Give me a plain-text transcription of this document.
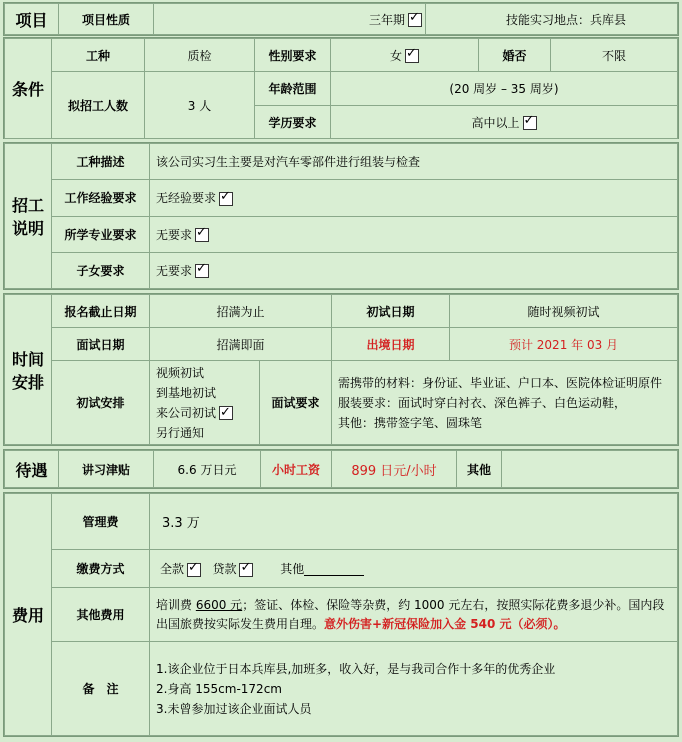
项目	项目性质	三年期✓	技能实习地点：兵库县
条件	工种	质检	性别要求	女✓	婚否	不限
	拟招工人数	3 人	年龄范围	(20 周岁 – 35 周岁)		
			学历要求	高中以上✓
招工说明	工种描述	该公司实习生主要是对汽车零部件进行组装与检查
	工作经验要求	无经验要求✓
	所学专业要求	无要求✓
	子女要求	无要求✓
时间安排	报名截止日期	招满为止		初试日期	随时视频初试
	面试日期	招满即面		出境日期	预计 2021 年 03 月
	初试安排	视频初试
到基地初试
来公司初试✓
另行通知	面试要求	需携带的材料：身份证、毕业证、户口本、医院体检证明原件
服装要求：面试时穿白衬衣、深色裤子、白色运动鞋，
其他：携带签字笔、圆珠笔	
待遇	讲习津贴	6.6 万日元	小时工资	899 日元/小时	其他	
费用	管理费	3.3 万
	缴费方式	全款 ✓ 贷款 ✓ 其他
	其他费用	培训费 6600 元；签证、体检、保险等杂费，约 1000 元左右，按照实际花费多退少补。国内段出国旅费按实际发生费用自理。意外伤害+新冠保险加入金 540 元（必须）。
	备　注	1.该企业位于日本兵库县,加班多，收入好，是与我司合作十多年的优秀企业
2.身高 155cm-172cm
3.未曾参加过该企业面试人员
